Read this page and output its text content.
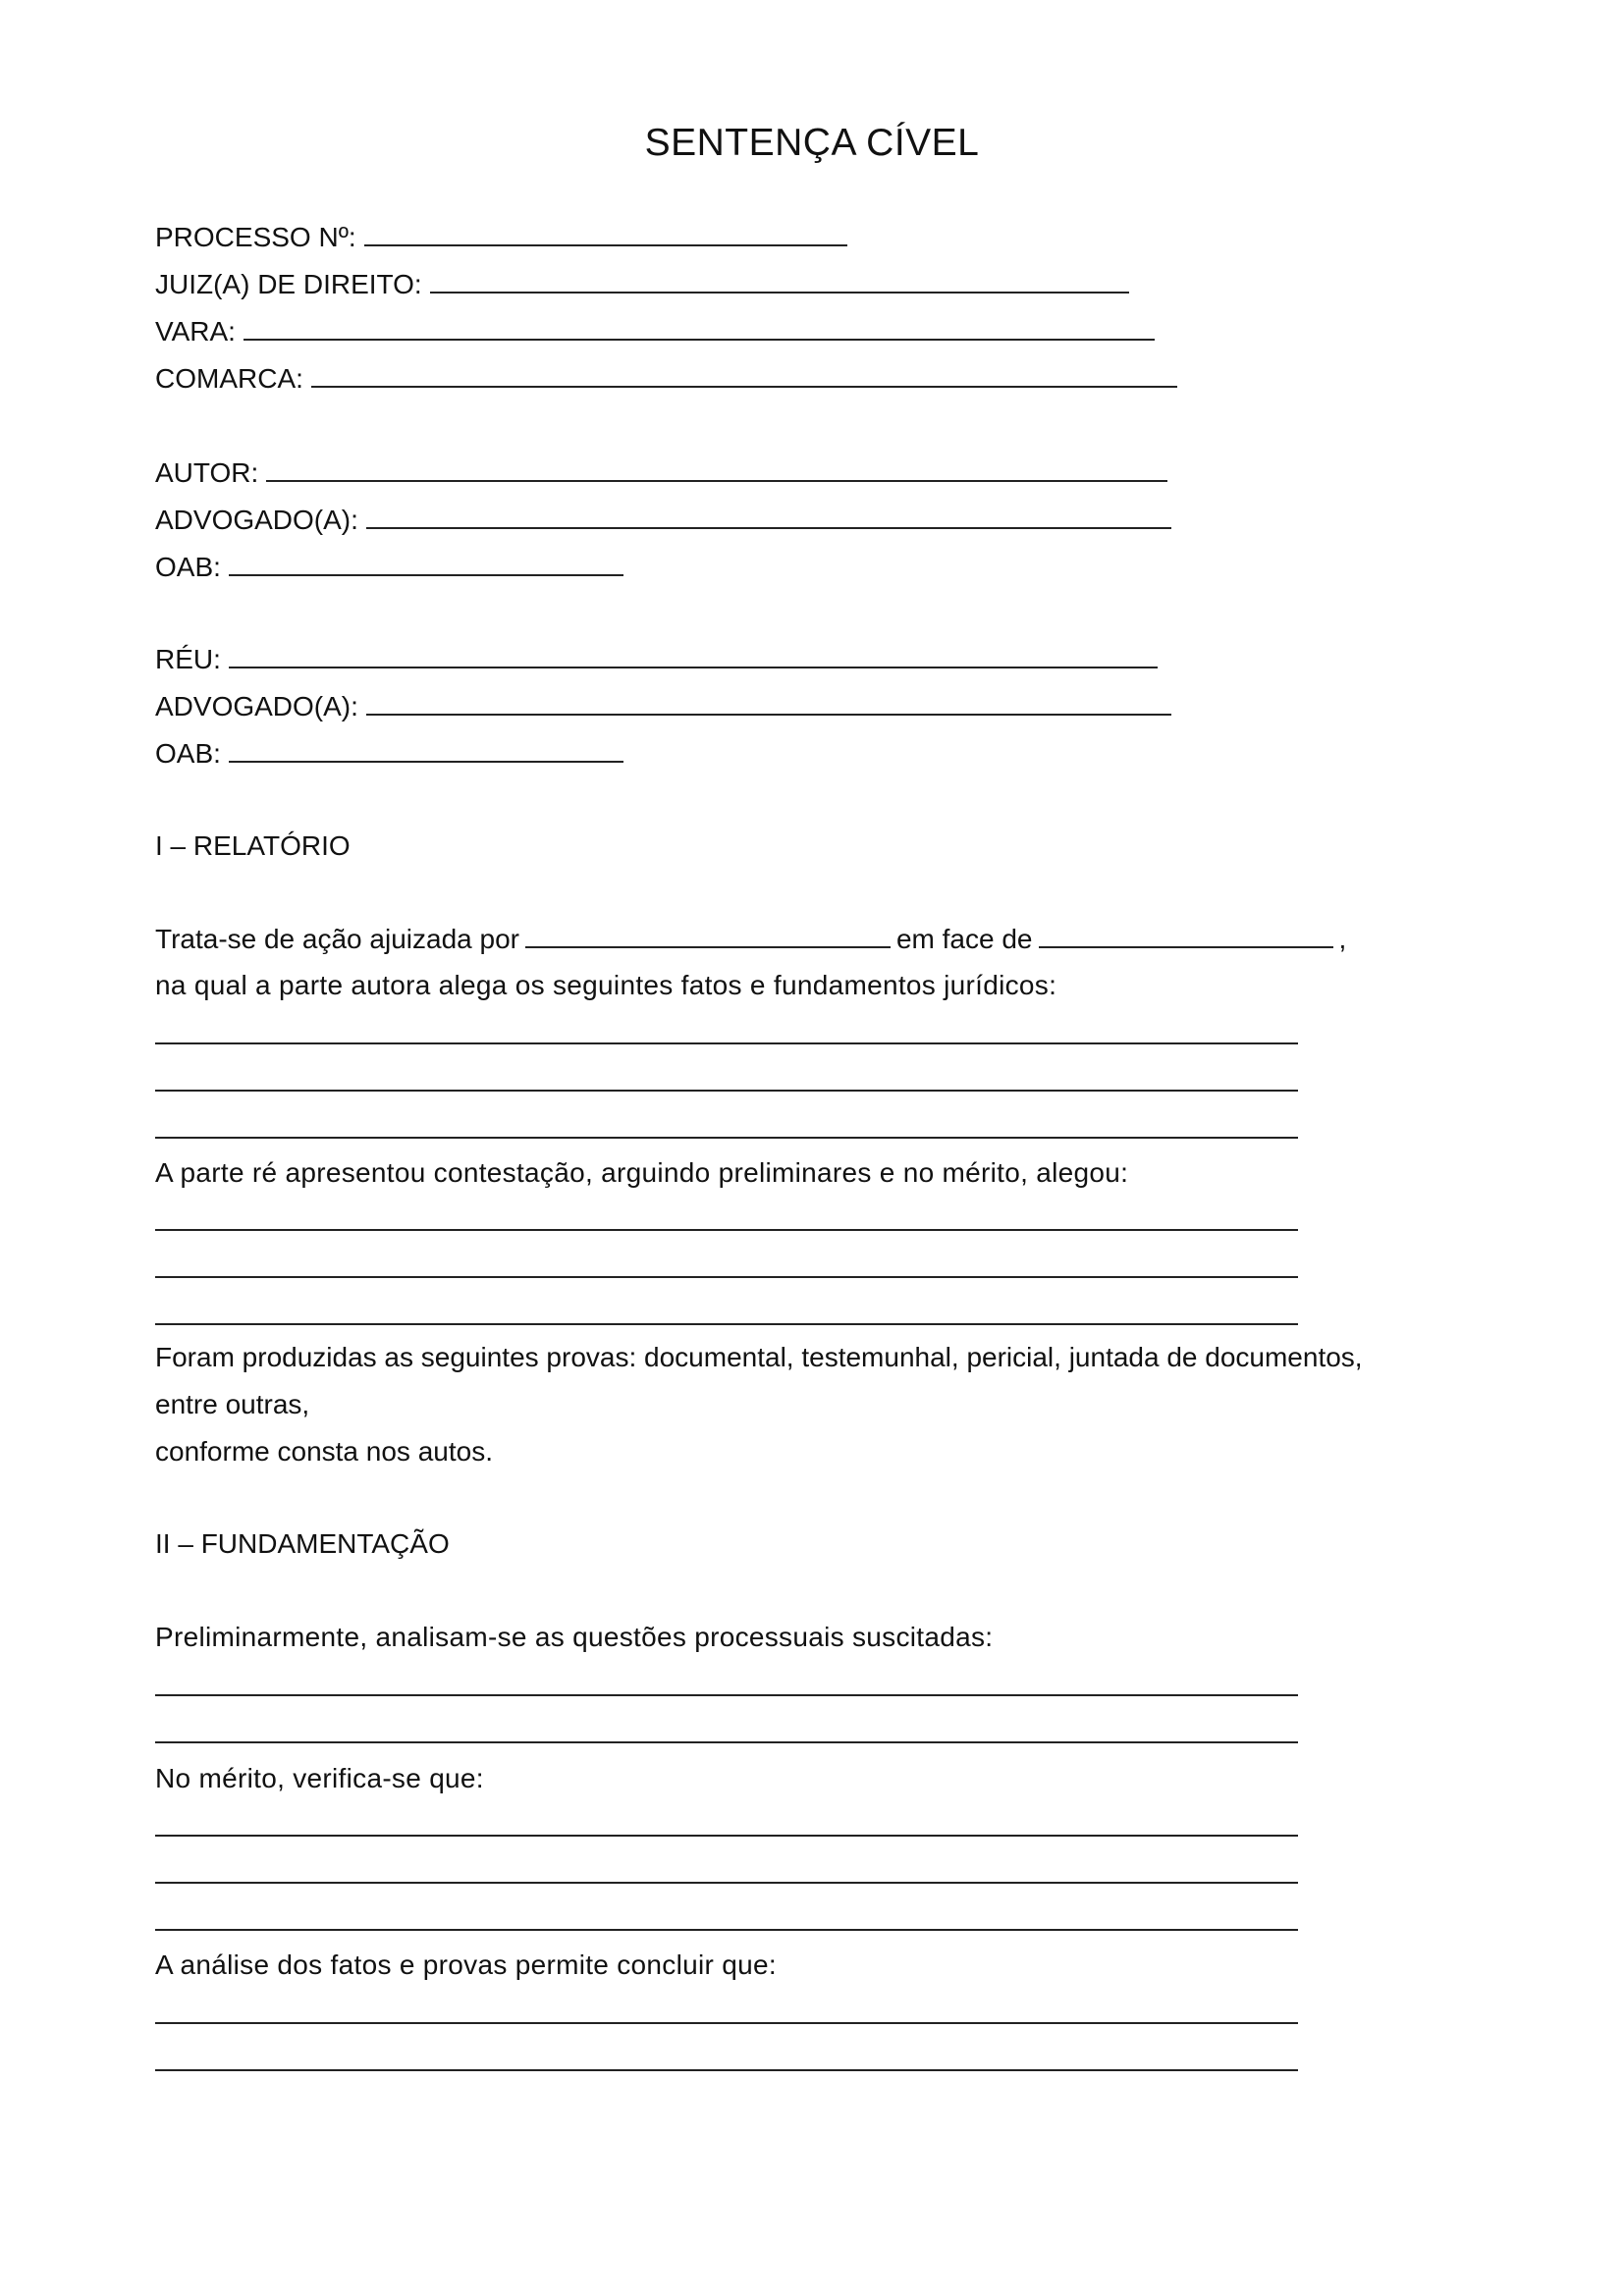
SENTENÇA CÍVEL
PROCESSO Nº:
JUIZ(A) DE DIREITO:
VARA:
COMARCA:
AUTOR:
ADVOGADO(A):
OAB:
RÉU:
ADVOGADO(A):
OAB:
I – RELATÓRIO
Trata-se de ação ajuizada por	em face de	,
na qual a parte autora alega os seguintes fatos e fundamentos jurídicos:
A parte ré apresentou contestação, arguindo preliminares e no mérito, alegou:
Foram produzidas as seguintes provas: documental, testemunhal, pericial, juntada de documentos,
entre outras,
conforme consta nos autos.
II – FUNDAMENTAÇÃO
Preliminarmente, analisam-se as questões processuais suscitadas:
No mérito, verifica-se que:
A análise dos fatos e provas permite concluir que:
